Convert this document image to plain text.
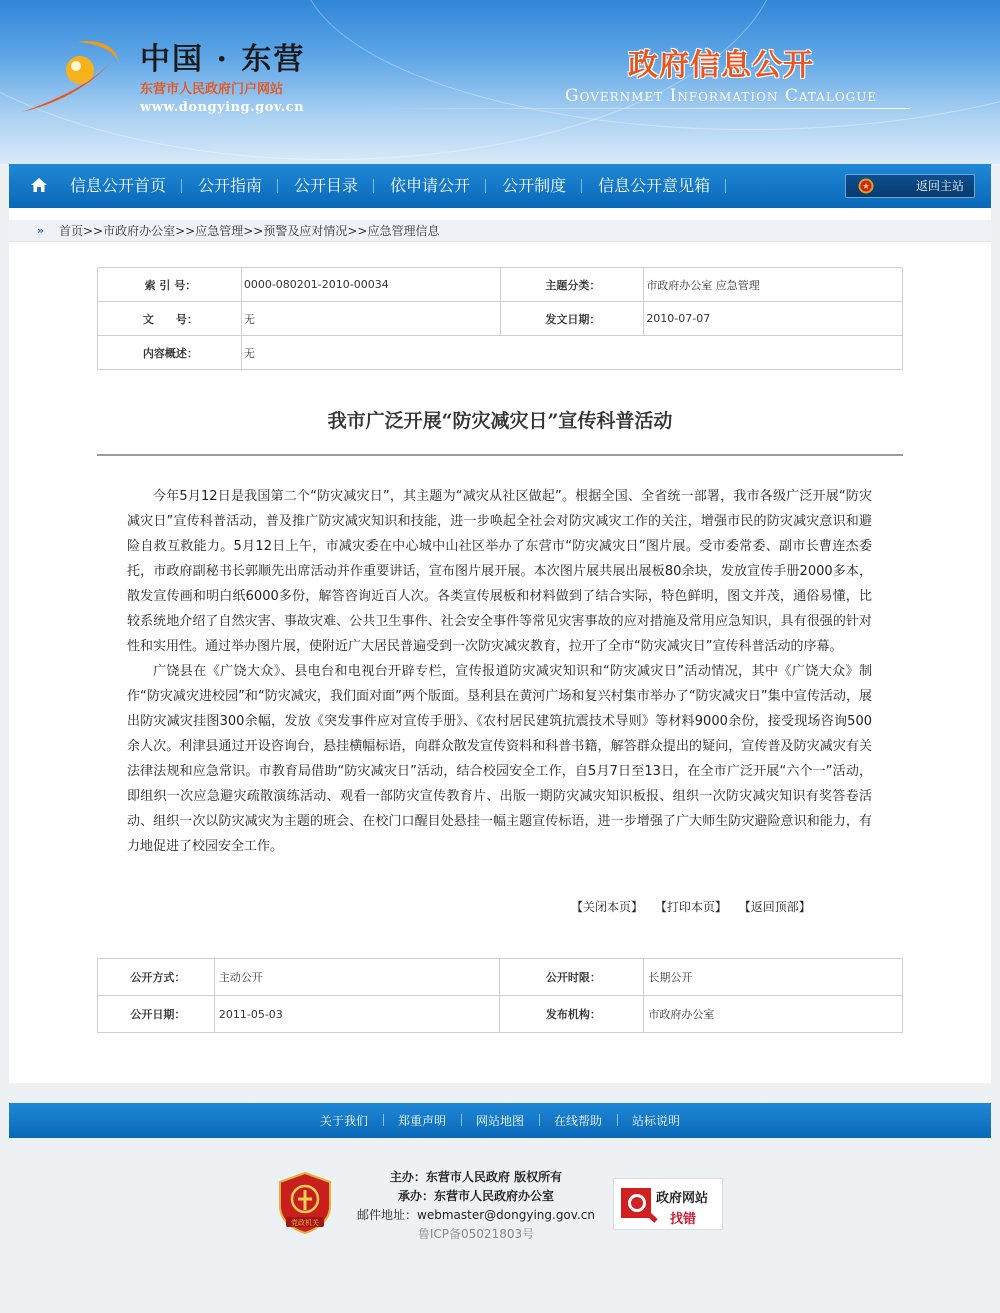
中国 · 东营
东营市人民政府门户网站
www.dongying.gov.cn
政府信息公开
Governmet Information Catalogue
信息公开首页	公开指南	公开目录	依申请公开	公开制度	信息公开意见箱	返回主站
» 首页>>市政府办公室>>应急管理>>预警及应对情况>>应急管理信息
索 引 号：	0000-080201-2010-00034	主题分类：	市政府办公室 应急管理
文　　号：	无	发文日期：	2010-07-07
内容概述：	无		
我市广泛开展“防灾减灾日”宣传科普活动

今年5月12日是我国第二个“防灾减灾日”，其主题为“减灾从社区做起”。根据全国、全省统一部署，我市各级广泛开展“防灾减灾日”宣传科普活动，普及推广防灾减灾知识和技能，进一步唤起全社会对防灾减灾工作的关注，增强市民的防灾减灾意识和避险自救互救能力。5月12日上午，市减灾委在中心城中山社区举办了东营市“防灾减灾日”图片展。受市委常委、副市长曹连杰委托，市政府副秘书长郭顺先出席活动并作重要讲话，宣布图片展开展。本次图片展共展出展板80余块，发放宣传手册2000多本，散发宣传画和明白纸6000多份，解答咨询近百人次。各类宣传展板和材料做到了结合实际，特色鲜明，图文并茂，通俗易懂，比较系统地介绍了自然灾害、事故灾难、公共卫生事件、社会安全事件等常见灾害事故的应对措施及常用应急知识，具有很强的针对性和实用性。通过举办图片展，使附近广大居民普遍受到一次防灾减灾教育，拉开了全市“防灾减灾日”宣传科普活动的序幕。

广饶县在《广饶大众》、县电台和电视台开辟专栏，宣传报道防灾减灾知识和“防灾减灾日”活动情况，其中《广饶大众》制作“防灾减灾进校园”和“防灾减灾，我们面对面”两个版面。垦利县在黄河广场和复兴村集市举办了“防灾减灾日”集中宣传活动，展出防灾减灾挂图300余幅，发放《突发事件应对宣传手册》、《农村居民建筑抗震技术导则》等材料9000余份，接受现场咨询500余人次。利津县通过开设咨询台，悬挂横幅标语，向群众散发宣传资料和科普书籍，解答群众提出的疑问，宣传普及防灾减灾有关法律法规和应急常识。市教育局借助“防灾减灾日”活动，结合校园安全工作，自5月7日至13日，在全市广泛开展“六个一”活动，即组织一次应急避灾疏散演练活动、观看一部防灾宣传教育片、出版一期防灾减灾知识板报、组织一次防灾减灾知识有奖答卷活动、组织一次以防灾减灾为主题的班会、在校门口醒目处悬挂一幅主题宣传标语，进一步增强了广大师生防灾避险意识和能力，有力地促进了校园安全工作。

【关闭本页】 【打印本页】 【返回顶部】
公开方式：	主动公开	公开时限：	长期公开
公开日期：	2011-05-03	发布机构：	市政府办公室
关于我们	郑重声明	网站地图	在线帮助	站标说明
党政机关
主办：东营市人民政府 版权所有
承办：东营市人民政府办公室
邮件地址：webmaster@dongying.gov.cn
鲁ICP备05021803号
政府网站
找错
